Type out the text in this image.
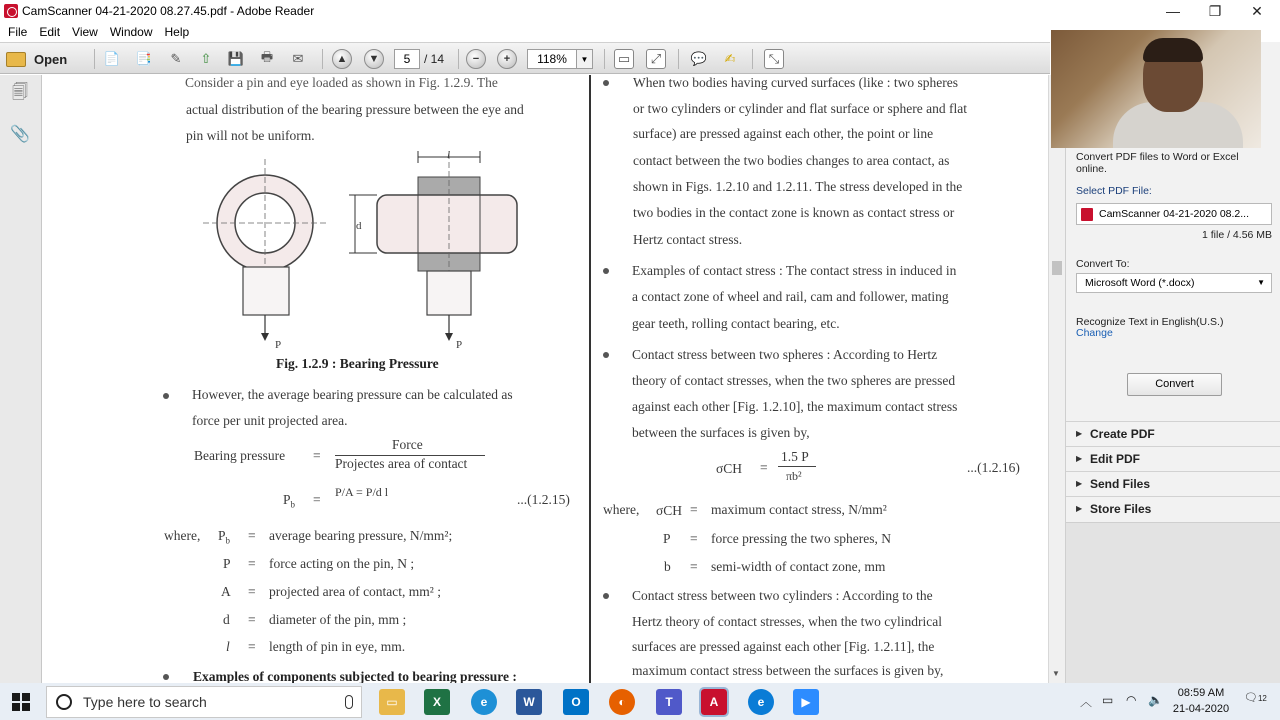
CamScanner 04-21-2020 08.27.45.pdf - Adobe Reader	—	❐	✕
File	Edit	View	Window	Help
Open	📄 📑	✎	⇧	💾 🖶	✉	▲	▼	5	/ 14	−	+	118%	▼	▭	⤢	💬	✍	⤡
🗐
📎
Consider a pin and eye loaded as shown in Fig. 1.2.9. The
actual distribution of the bearing pressure between the eye and
pin will not be uniform.
l
d
P	P
Fig. 1.2.9 : Bearing Pressure
However, the average bearing pressure can be calculated as
force per unit projected area.
Bearing pressure =
Force
Projectes area of contact
$P_b = P/A = P/d$ l	...(1.2.15)
where, $P_b$ = average bearing pressure, N/mm²;
P = force acting on the pin, N ;
A = projected area of contact, mm² ;
d = diameter of the pin, mm ;
l = length of pin in eye, mm.
Examples of components subjected to bearing pressure :
When two bodies having curved surfaces (like : two spheres
or two cylinders or cylinder and flat surface or sphere and flat
surface) are pressed against each other, the point or line
contact between the two bodies changes to area contact, as
shown in Figs. 1.2.10 and 1.2.11. The stress developed in the
two bodies in the contact zone is known as contact stress or
Hertz contact stress.
Examples of contact stress : The contact stress in induced in
a contact zone of wheel and rail, cam and follower, mating
gear teeth, rolling contact bearing, etc.
Contact stress between two spheres : According to Hertz
theory of contact stresses, when the two spheres are pressed
against each other [Fig. 1.2.10], the maximum contact stress
between the surfaces is given by,
σCH =
1.5 P
πb²
...(1.2.16)
where, σCH = maximum contact stress, N/mm²
P = force pressing the two spheres, N
b = semi-width of contact zone, mm
Contact stress between two cylinders : According to the
Hertz theory of contact stresses, when the two cylindrical
surfaces are pressed against each other [Fig. 1.2.11], the
maximum contact stress between the surfaces is given by,	▼
Convert PDF files to Word or Excel online.
Select PDF File:
CamScanner 04-21-2020 08.2...
1 file / 4.56 MB
Convert To:
Microsoft Word (*.docx)	▼
Recognize Text in English(U.S.)
Change
Convert
▶ Create PDF
▶ Edit PDF
▶ Send Files
▶ Store Files
Type here to search	▭	X	e	W	O	◐	T	A	e	▶	︿ ▭ ◠ 🔈	08:59 AM
21-04-2020
🗨12
